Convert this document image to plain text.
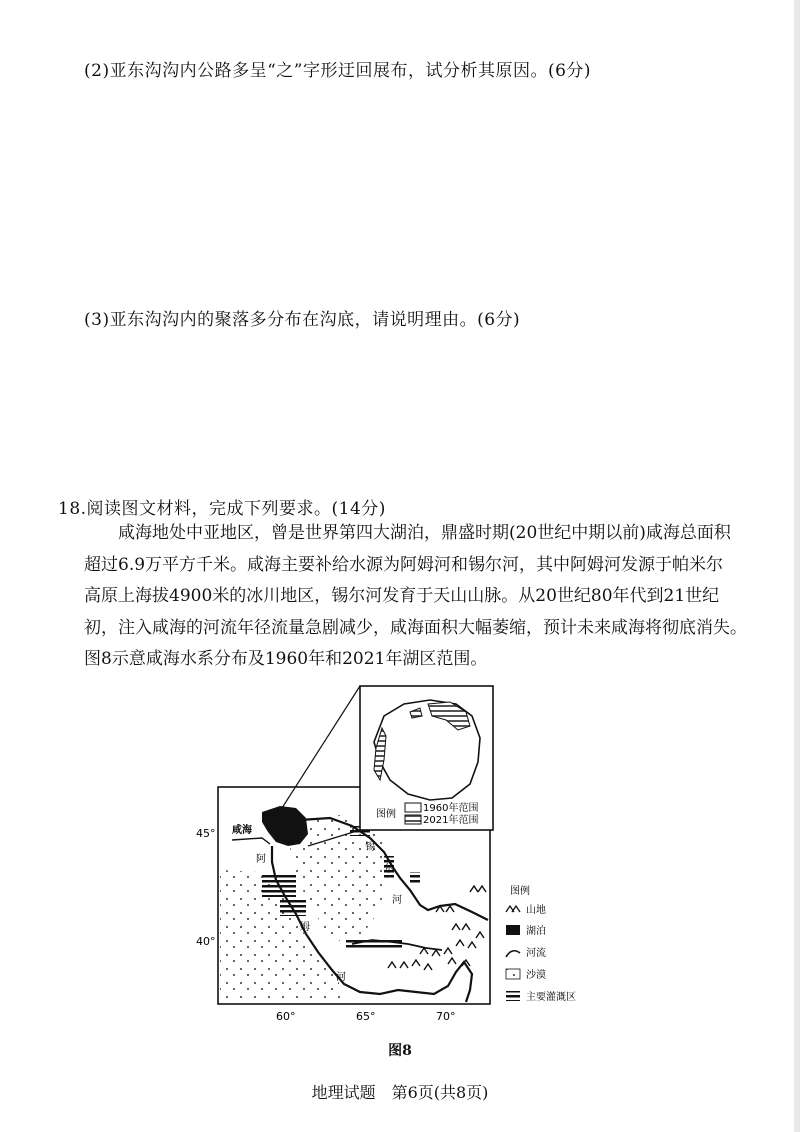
(2)亚东沟沟内公路多呈“之”字形迂回展布，试分析其原因。(6分)
(3)亚东沟沟内的聚落多分布在沟底，请说明理由。(6分)
18.阅读图文材料，完成下列要求。(14分)
咸海地处中亚地区，曾是世界第四大湖泊，鼎盛时期(20世纪中期以前)咸海总面积
超过6.9万平方千米。咸海主要补给水源为阿姆河和锡尔河，其中阿姆河发源于帕米尔
高原上海拔4900米的冰川地区，锡尔河发育于天山山脉。从20世纪80年代到21世纪
初，注入咸海的河流年径流量急剧减少，咸海面积大幅萎缩，预计未来咸海将彻底消失。
图8示意咸海水系分布及1960年和2021年湖区范围。
图例
1960年范围
2021年范围
咸海
阿
姆
河
锡
尔
河
45°
40°
60°	65°	70°
图例
山地
湖泊
河流
沙漠
主要灌溉区
图8
地理试题　第6页(共8页)
